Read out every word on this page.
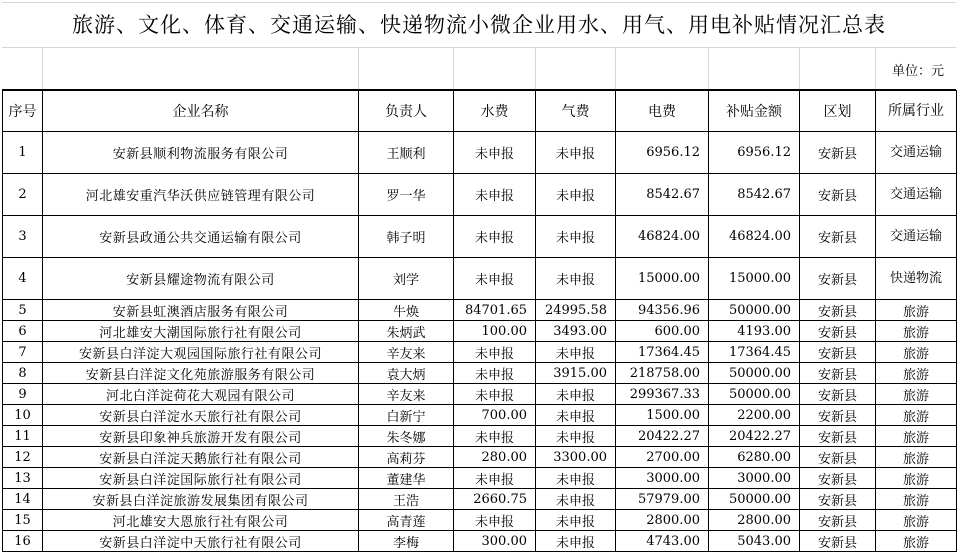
旅游、文化、体育、交通运输、快递物流小微企业用水、用气、用电补贴情况汇总表
单位：元
序号	企业名称	负责人	水费	气费	电费	补贴金额	区划	所属行业
1	安新县顺利物流服务有限公司	王顺利	未申报	未申报	6956.12	6956.12	安新县	交通运输
2	河北雄安重汽华沃供应链管理有限公司	罗一华	未申报	未申报	8542.67	8542.67	安新县	交通运输
3	安新县政通公共交通运输有限公司	韩子明	未申报	未申报	46824.00	46824.00	安新县	交通运输
4	安新县耀途物流有限公司	刘学	未申报	未申报	15000.00	15000.00	安新县	快递物流
5	安新县虹澳酒店服务有限公司	牛焕	84701.65	24995.58	94356.96	50000.00	安新县	旅游
6	河北雄安大潮国际旅行社有限公司	朱炳武	100.00	3493.00	600.00	4193.00	安新县	旅游
7	安新县白洋淀大观园国际旅行社有限公司	辛友来	未申报	未申报	17364.45	17364.45	安新县	旅游
8	安新县白洋淀文化苑旅游服务有限公司	袁大炳	未申报	3915.00	218758.00	50000.00	安新县	旅游
9	河北白洋淀荷花大观园有限公司	辛友来	未申报	未申报	299367.33	50000.00	安新县	旅游
10	安新县白洋淀水天旅行社有限公司	白新宁	700.00	未申报	1500.00	2200.00	安新县	旅游
11	安新县印象神兵旅游开发有限公司	朱冬娜	未申报	未申报	20422.27	20422.27	安新县	旅游
12	安新县白洋淀天鹅旅行社有限公司	高莉芬	280.00	3300.00	2700.00	6280.00	安新县	旅游
13	安新县白洋淀国际旅行社有限公司	董建华	未申报	未申报	3000.00	3000.00	安新县	旅游
14	安新县白洋淀旅游发展集团有限公司	王浩	2660.75	未申报	57979.00	50000.00	安新县	旅游
15	河北雄安大恩旅行社有限公司	高青莲	未申报	未申报	2800.00	2800.00	安新县	旅游
16	安新县白洋淀中天旅行社有限公司	李梅	300.00	未申报	4743.00	5043.00	安新县	旅游
